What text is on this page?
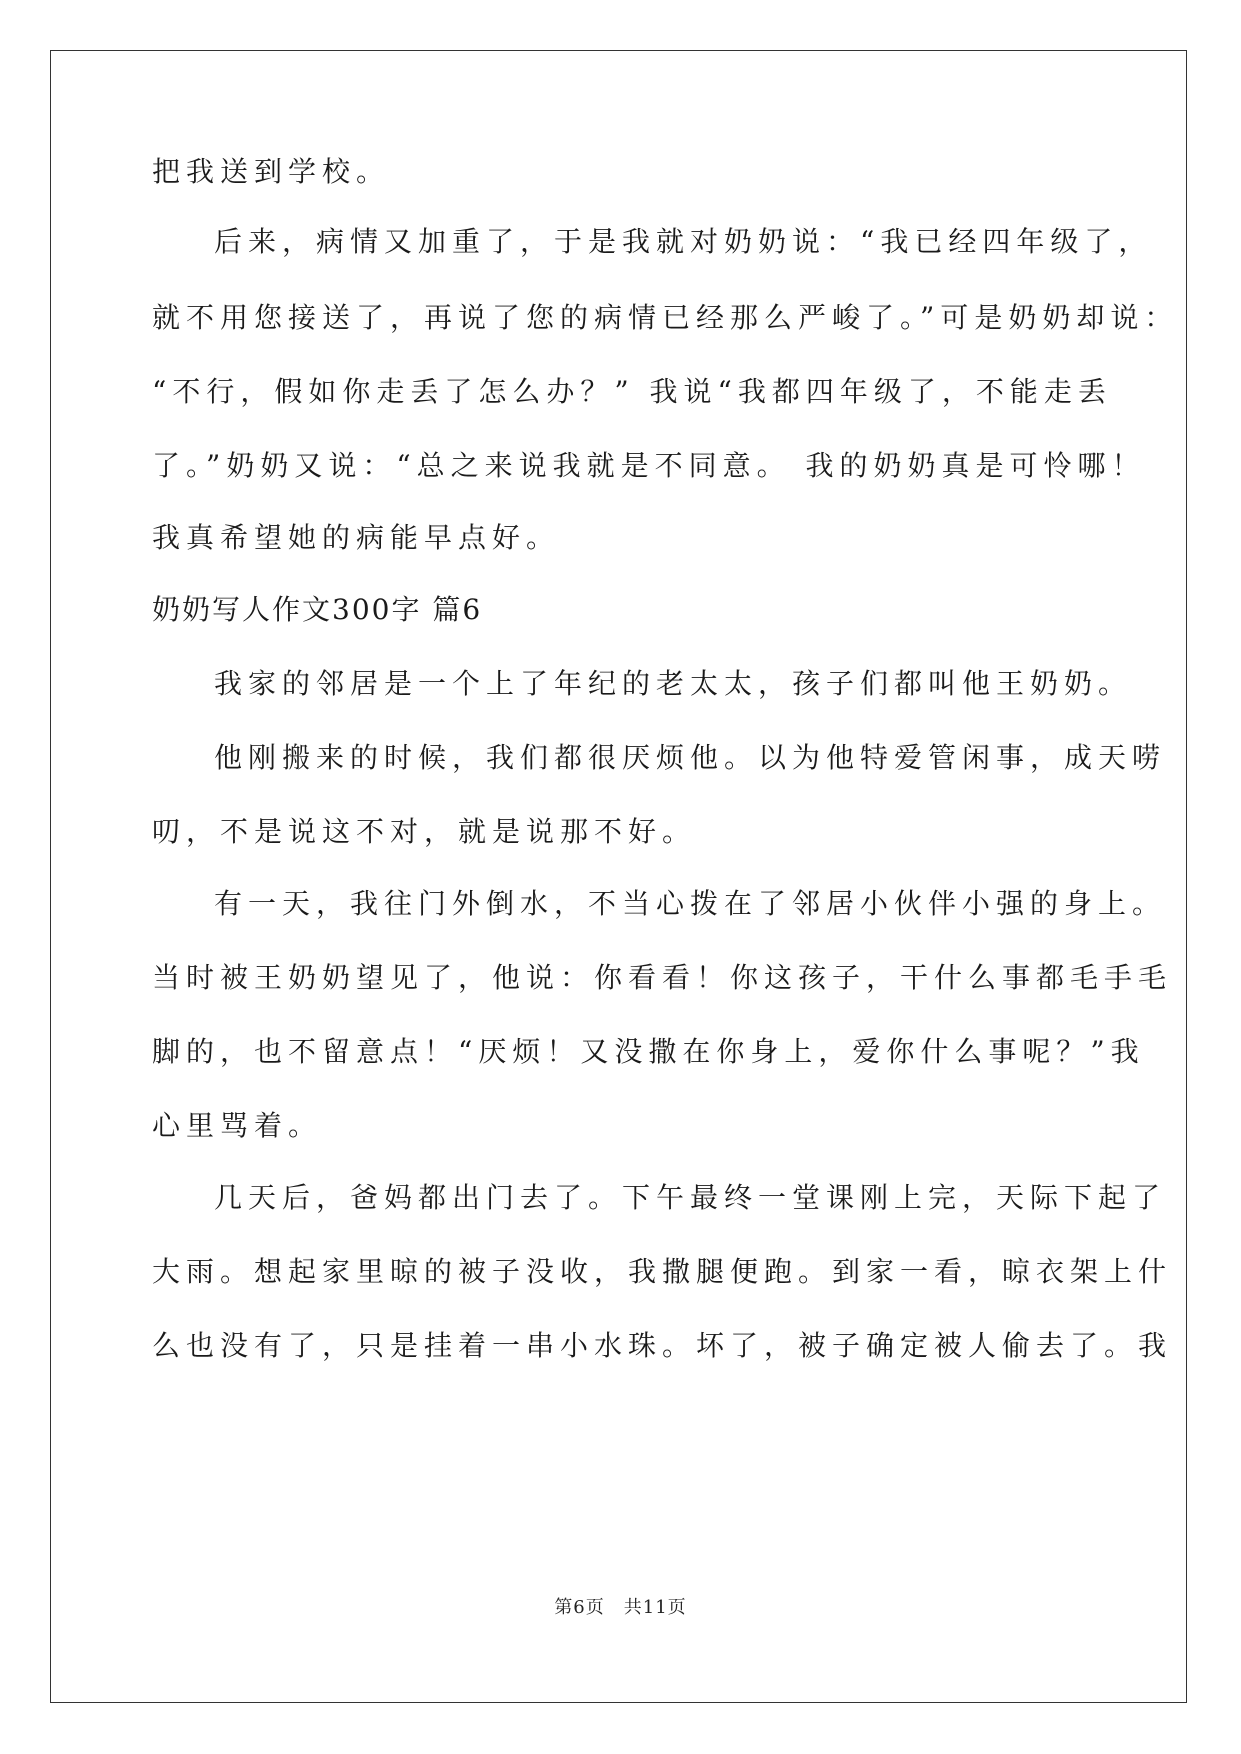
把我送到学校。
后来，病情又加重了，于是我就对奶奶说：“我已经四年级了，
就不用您接送了，再说了您的病情已经那么严峻了。”可是奶奶却说：
“不行，假如你走丢了怎么办？” 我说“我都四年级了，不能走丢
了。”奶奶又说：“总之来说我就是不同意。 我的奶奶真是可怜哪！
我真希望她的病能早点好。
奶奶写人作文300字 篇6
我家的邻居是一个上了年纪的老太太，孩子们都叫他王奶奶。
他刚搬来的时候，我们都很厌烦他。以为他特爱管闲事，成天唠
叨，不是说这不对，就是说那不好。
有一天，我往门外倒水，不当心拨在了邻居小伙伴小强的身上。
当时被王奶奶望见了，他说：你看看！你这孩子，干什么事都毛手毛
脚的，也不留意点！“厌烦！又没撒在你身上，爱你什么事呢？”我
心里骂着。
几天后，爸妈都出门去了。下午最终一堂课刚上完，天际下起了
大雨。想起家里晾的被子没收，我撒腿便跑。到家一看，晾衣架上什
么也没有了，只是挂着一串小水珠。坏了，被子确定被人偷去了。我
第6页　共11页
